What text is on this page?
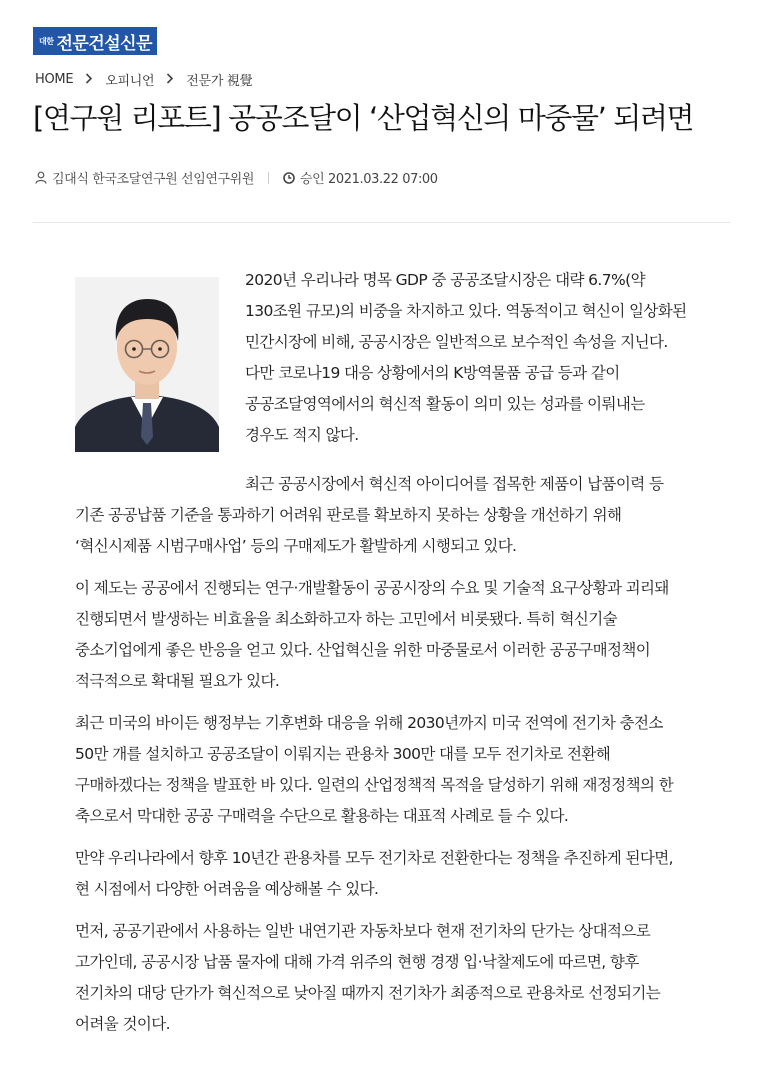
대한 전문건설신문
HOME 오피니언 전문가 視覺
[연구원 리포트] 공공조달이 ‘산업혁신의 마중물’ 되려면
김대식 한국조달연구원 선임연구위원	승인 2021.03.22 07:00

2020년 우리나라 명목 GDP 중 공공조달시장은 대략 6.7%(약 130조원 규모)의 비중을 차지하고 있다. 역동적이고 혁신이 일상화된 민간시장에 비해, 공공시장은 일반적으로 보수적인 속성을 지닌다. 다만 코로나19 대응 상황에서의 K방역물품 공급 등과 같이 공공조달영역에서의 혁신적 활동이 의미 있는 성과를 이뤄내는 경우도 적지 않다.

최근 공공시장에서 혁신적 아이디어를 접목한 제품이 납품이력 등 기존 공공납품 기준을 통과하기 어려워 판로를 확보하지 못하는 상황을 개선하기 위해 ‘혁신시제품 시범구매사업’ 등의 구매제도가 활발하게 시행되고 있다.

이 제도는 공공에서 진행되는 연구·개발활동이 공공시장의 수요 및 기술적 요구상황과 괴리돼 진행되면서 발생하는 비효율을 최소화하고자 하는 고민에서 비롯됐다. 특히 혁신기술 중소기업에게 좋은 반응을 얻고 있다. 산업혁신을 위한 마중물로서 이러한 공공구매정책이 적극적으로 확대될 필요가 있다.

최근 미국의 바이든 행정부는 기후변화 대응을 위해 2030년까지 미국 전역에 전기차 충전소 50만 개를 설치하고 공공조달이 이뤄지는 관용차 300만 대를 모두 전기차로 전환해 구매하겠다는 정책을 발표한 바 있다. 일련의 산업정책적 목적을 달성하기 위해 재정정책의 한 축으로서 막대한 공공 구매력을 수단으로 활용하는 대표적 사례로 들 수 있다.

만약 우리나라에서 향후 10년간 관용차를 모두 전기차로 전환한다는 정책을 추진하게 된다면, 현 시점에서 다양한 어려움을 예상해볼 수 있다.

먼저, 공공기관에서 사용하는 일반 내연기관 자동차보다 현재 전기차의 단가는 상대적으로 고가인데, 공공시장 납품 물자에 대해 가격 위주의 현행 경쟁 입·낙찰제도에 따르면, 향후 전기차의 대당 단가가 혁신적으로 낮아질 때까지 전기차가 최종적으로 관용차로 선정되기는 어려울 것이다.
